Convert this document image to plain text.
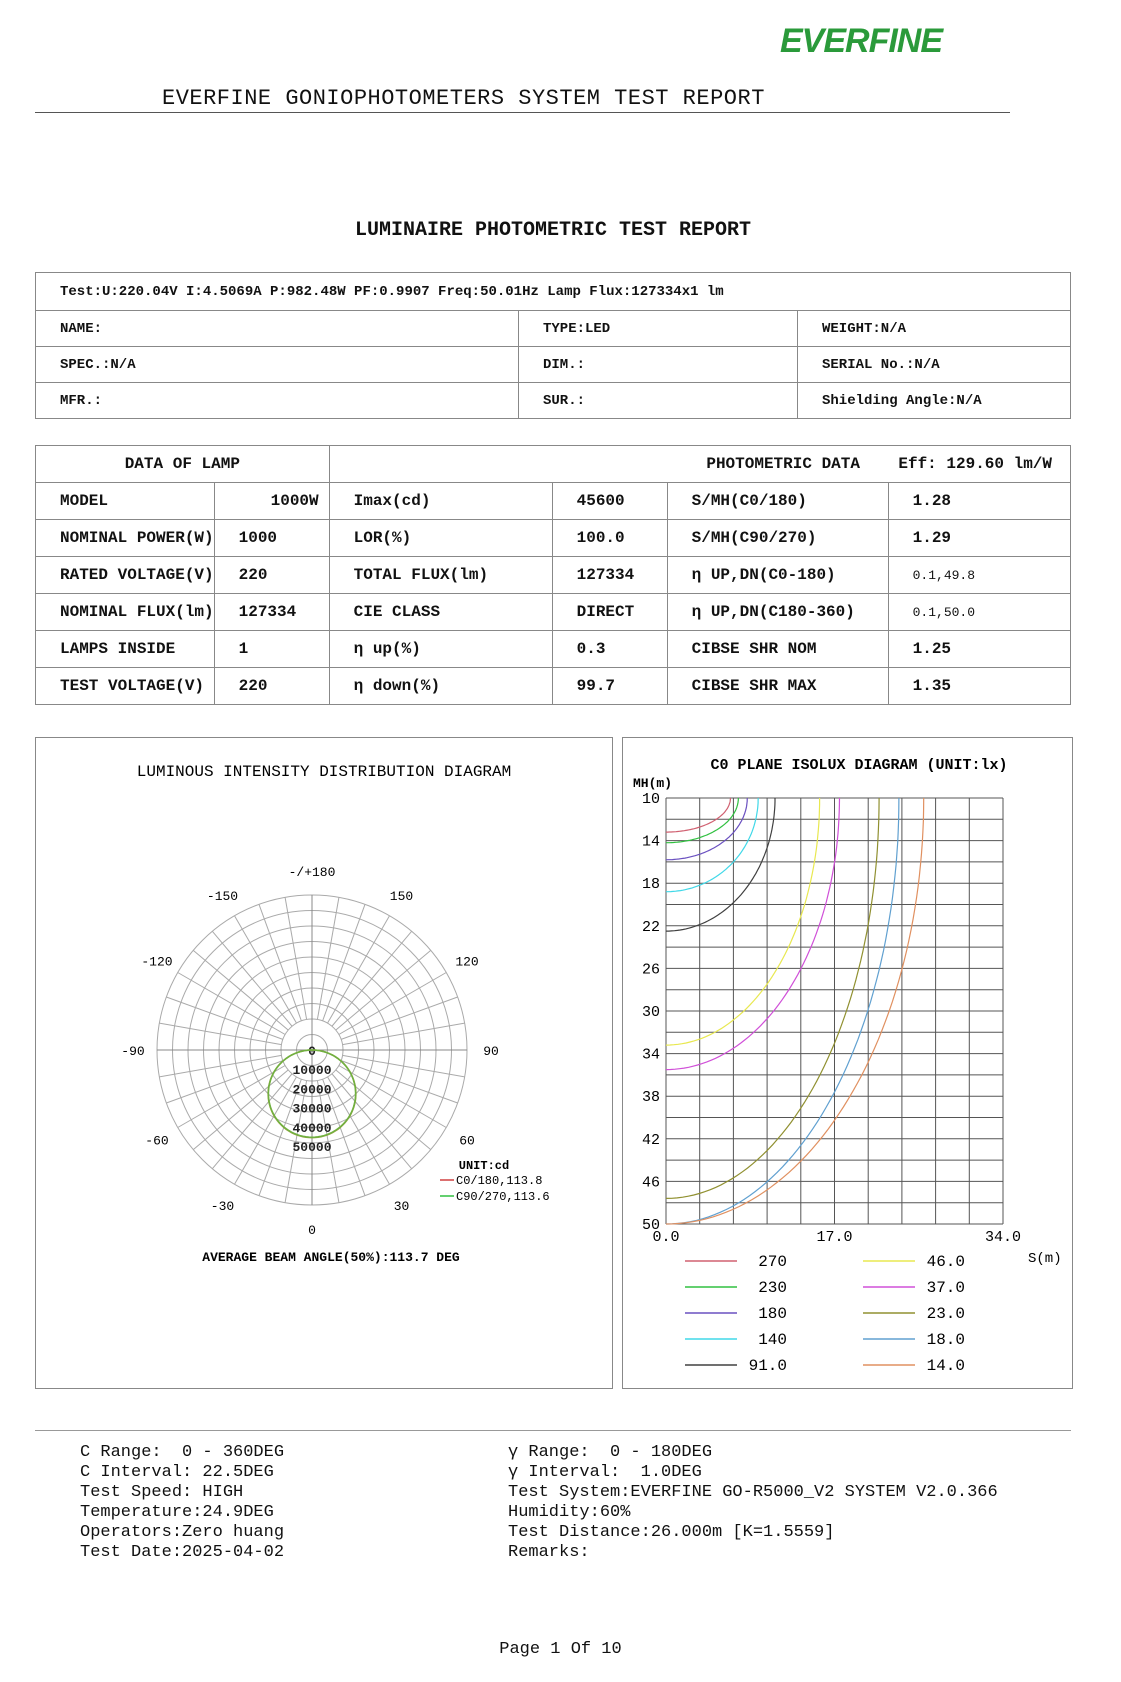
EVERFINE
EVERFINE GONIOPHOTOMETERS SYSTEM TEST REPORT
LUMINAIRE PHOTOMETRIC TEST REPORT
Test:U:220.04V I:4.5069A P:982.48W PF:0.9907 Freq:50.01Hz Lamp Flux:127334x1 lm		
NAME:	TYPE:LED	WEIGHT:N/A
SPEC.:N/A	DIM.:	SERIAL No.:N/A
MFR.:	SUR.:	Shielding Angle:N/A
DATA OF LAMP		PHOTOMETRIC DATA    Eff: 129.60 lm/W			
MODEL	1000W	Imax(cd)	45600	S/MH(C0/180)	1.28
NOMINAL POWER(W)	1000	LOR(%)	100.0	S/MH(C90/270)	1.29
RATED VOLTAGE(V)	220	TOTAL FLUX(lm)	127334	η UP,DN(C0-180)	0.1,49.8
NOMINAL FLUX(lm)	127334	CIE CLASS	DIRECT	η UP,DN(C180-360)	0.1,50.0
LAMPS INSIDE	1	η up(%)	0.3	CIBSE SHR NOM	1.25
TEST VOLTAGE(V)	220	η down(%)	99.7	CIBSE SHR MAX	1.35
LUMINOUS INTENSITY DISTRIBUTION DIAGRAM
-/+180
150
120
90
60
30
0
-30
-60
-90
-120
-150
0
10000
20000
30000
40000
50000
UNIT:cd
C0/180,113.8
C90/270,113.6
AVERAGE BEAM ANGLE(50%):113.7 DEG
C0 PLANE ISOLUX DIAGRAM (UNIT:lx)
MH(m)
S(m)
10
14
18
22
26
30
34
38
42
46
50
0.0	17.0	34.0
270
230
180
140
91.0
46.0
37.0
23.0
18.0
14.0
C Range:  0 - 360DEG
C Interval: 22.5DEG
Test Speed: HIGH
Temperature:24.9DEG
Operators:Zero huang
Test Date:2025-04-02
γ Range:  0 - 180DEG
γ Interval:  1.0DEG
Test System:EVERFINE GO-R5000_V2 SYSTEM V2.0.366
Humidity:60%
Test Distance:26.000m [K=1.5559]
Remarks:
Page 1 Of 10
